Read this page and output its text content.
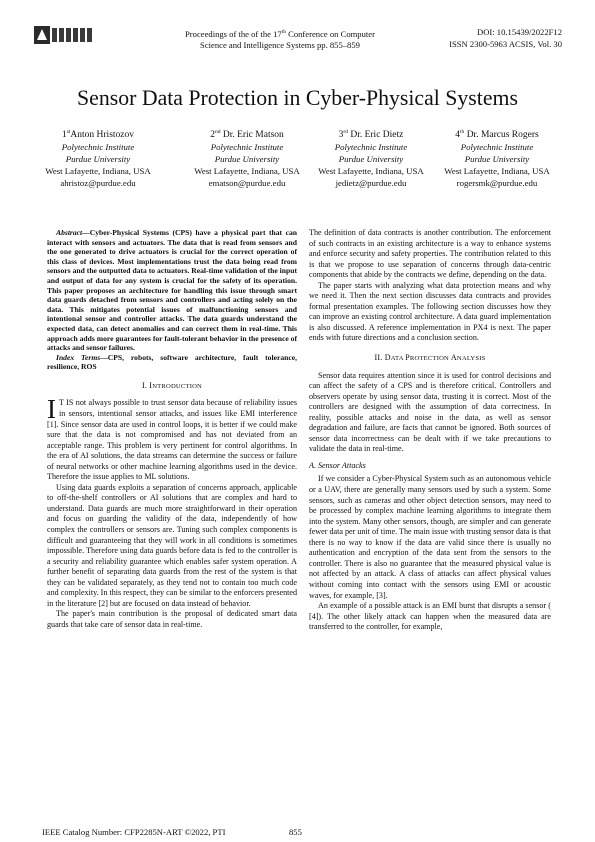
Proceedings of the of the 17th Conference on Computer
Science and Intelligence Systems pp. 855–859
DOI: 10.15439/2022F12
ISSN 2300-5963 ACSIS, Vol. 30
Sensor Data Protection in Cyber-Physical Systems
1stAnton Hristozov
Polytechnic Institute
Purdue University
West Lafayette, Indiana, USA
ahristoz@purdue.edu
2nd Dr. Eric Matson
Polytechnic Institute
Purdue University
West Lafayette, Indiana, USA
ematson@purdue.edu
3rd Dr. Eric Dietz
Polytechnic Institute
Purdue University
West Lafayette, Indiana, USA
jedietz@purdue.edu
4th Dr. Marcus Rogers
Polytechnic Institute
Purdue University
West Lafayette, Indiana, USA
rogersmk@purdue.edu

Abstract—Cyber-Physical Systems (CPS) have a physical part that can interact with sensors and actuators. The data that is read from sensors and the one generated to drive actuators is crucial for the correct operation of this class of devices. Most implementations trust the data being read from sensors and the outputted data to actuators. Real-time validation of the input and output of data for any system is crucial for the safety of its operation. This paper proposes an architecture for handling this issue through smart data guards detached from sensors and controllers and acting solely on the data. This mitigates potential issues of malfunctioning sensors and intentional sensor and controller attacks. The data guards understand the expected data, can detect anomalies and can correct them in real-time. This approach adds more guarantees for fault-tolerant behavior in the presence of attacks and sensor failures.

Index Terms—CPS, robots, software architecture, fault tolerance, resilience, ROS

I. INTRODUCTION

I T IS not always possible to trust sensor data because of reliability issues in sensors, intentional sensor attacks, and issues like EMI interference [1]. Since sensor data are used in control loops, it is better if we could make sure that the data is not compromised and has not deviated from an acceptable range. This problem is very pertinent for control algorithms. In the era of AI solutions, the data streams can determine the success or failure of neural networks or other machine learning algorithms used in the device. Therefore the issue applies to ML solutions.

Using data guards exploits a separation of concerns approach, applicable to off-the-shelf controllers or AI solutions that are complex and hard to understand. Data guards are much more straightforward in their operation and focus on guarding the validity of the data, independently of how complex the controllers or sensors are. Tuning such complex components is difficult and guaranteeing that they will work in all conditions is sometimes impossible. Therefore using data guards before data is fed to the controller is a security and reliability guarantee which enables safer system operation. A further benefit of separating data guards from the rest of the system is that they can be validated separately, as they tend not to contain too much code and complexity. In this respect, they can be similar to the enforcers presented in the literature [2] but are focused on data instead of behavior.

The paper's main contribution is the proposal of dedicated smart data guards that take care of sensor data in real-time.

The definition of data contracts is another contribution. The enforcement of such contracts in an existing architecture is a way to enhance systems and enforce security and safety properties. The contribution related to this is that we propose to use separation of concerns through data-centric components that abide by the contracts we define, depending on the data.

The paper starts with analyzing what data protection means and why we need it. Then the next section discusses data contracts and provides formal presentation examples. The following section discusses how they can improve an existing control architecture. A data guard implementation is also discussed. A reference implementation in PX4 is next. The paper ends with future directions and a conclusion section.

II. DATA PROTECTION ANALYSIS

Sensor data requires attention since it is used for control decisions and can affect the safety of a CPS and is therefore critical. Controllers and observers operate by using sensor data, trusting it is correct. Most of the controllers are designed with the assumption of data correctness. In reality, possible attacks and noise in the data, as well as sensor degradation and failure, are facts that cannot be ignored. Both sources of sensor data incorrectness can be dealt with if we take precautions to validate the data in real-time.

A. Sensor Attacks

If we consider a Cyber-Physical System such as an autonomous vehicle or a UAV, there are generally many sensors used by such a system. Some sensors, such as cameras and other object detection sensors, may need to be processed by complex machine learning algorithms to integrate them into the system. Many other sensors, though, are simpler and can generate fewer data per unit of time. The main issue with trusting sensor data is that there is no way to know if the data are valid since there is usually no authentication and encryption of the data sent from the sensors to the controller. There is also no guarantee that the measured physical value is not affected by an attack. A class of attacks can affect physical values without coming into contact with the sensors using EMI or acoustic waves, for example, [3].

An example of a possible attack is an EMI burst that disrupts a sensor ( [4]). The other likely attack can happen when the measured data are transferred to the controller, for example,

IEEE Catalog Number: CFP2285N-ART ©2022, PTI	855
